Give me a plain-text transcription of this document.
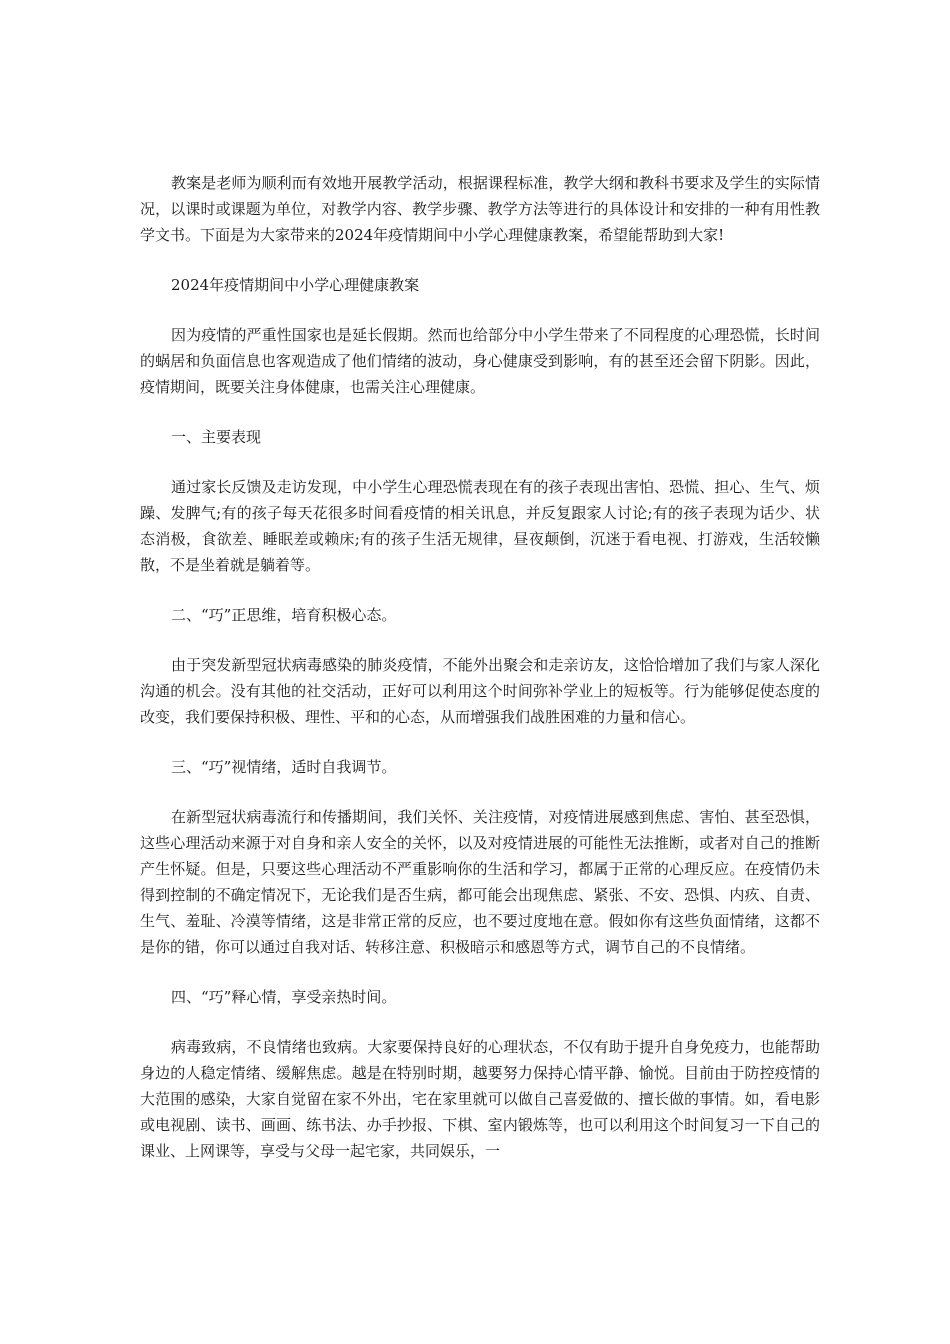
教案是老师为顺利而有效地开展教学活动，根据课程标准，教学大纲和教科书要求及学生的实际情况，以课时或课题为单位，对教学内容、教学步骤、教学方法等进行的具体设计和安排的一种有用性教学文书。下面是为大家带来的2024年疫情期间中小学心理健康教案，希望能帮助到大家!

2024年疫情期间中小学心理健康教案

因为疫情的严重性国家也是延长假期。然而也给部分中小学生带来了不同程度的心理恐慌，长时间的蜗居和负面信息也客观造成了他们情绪的波动，身心健康受到影响，有的甚至还会留下阴影。因此，疫情期间，既要关注身体健康，也需关注心理健康。

一、主要表现

通过家长反馈及走访发现，中小学生心理恐慌表现在有的孩子表现出害怕、恐慌、担心、生气、烦躁、发脾气;有的孩子每天花很多时间看疫情的相关讯息，并反复跟家人讨论;有的孩子表现为话少、状态消极，食欲差、睡眠差或赖床;有的孩子生活无规律，昼夜颠倒，沉迷于看电视、打游戏，生活较懒散，不是坐着就是躺着等。

二、“巧”正思维，培育积极心态。

由于突发新型冠状病毒感染的肺炎疫情，不能外出聚会和走亲访友，这恰恰增加了我们与家人深化沟通的机会。没有其他的社交活动，正好可以利用这个时间弥补学业上的短板等。行为能够促使态度的改变，我们要保持积极、理性、平和的心态，从而增强我们战胜困难的力量和信心。

三、“巧”视情绪，适时自我调节。

在新型冠状病毒流行和传播期间，我们关怀、关注疫情，对疫情进展感到焦虑、害怕、甚至恐惧，这些心理活动来源于对自身和亲人安全的关怀，以及对疫情进展的可能性无法推断，或者对自己的推断产生怀疑。但是，只要这些心理活动不严重影响你的生活和学习，都属于正常的心理反应。在疫情仍未得到控制的不确定情况下，无论我们是否生病，都可能会出现焦虑、紧张、不安、恐惧、内疚、自责、生气、羞耻、冷漠等情绪，这是非常正常的反应，也不要过度地在意。假如你有这些负面情绪，这都不是你的错，你可以通过自我对话、转移注意、积极暗示和感恩等方式，调节自己的不良情绪。

四、“巧”释心情，享受亲热时间。

病毒致病，不良情绪也致病。大家要保持良好的心理状态，不仅有助于提升自身免疫力，也能帮助身边的人稳定情绪、缓解焦虑。越是在特别时期，越要努力保持心情平静、愉悦。目前由于防控疫情的大范围的感染，大家自觉留在家不外出，宅在家里就可以做自己喜爱做的、擅长做的事情。如，看电影或电视剧、读书、画画、练书法、办手抄报、下棋、室内锻炼等，也可以利用这个时间复习一下自己的课业、上网课等，享受与父母一起宅家，共同娱乐，一
